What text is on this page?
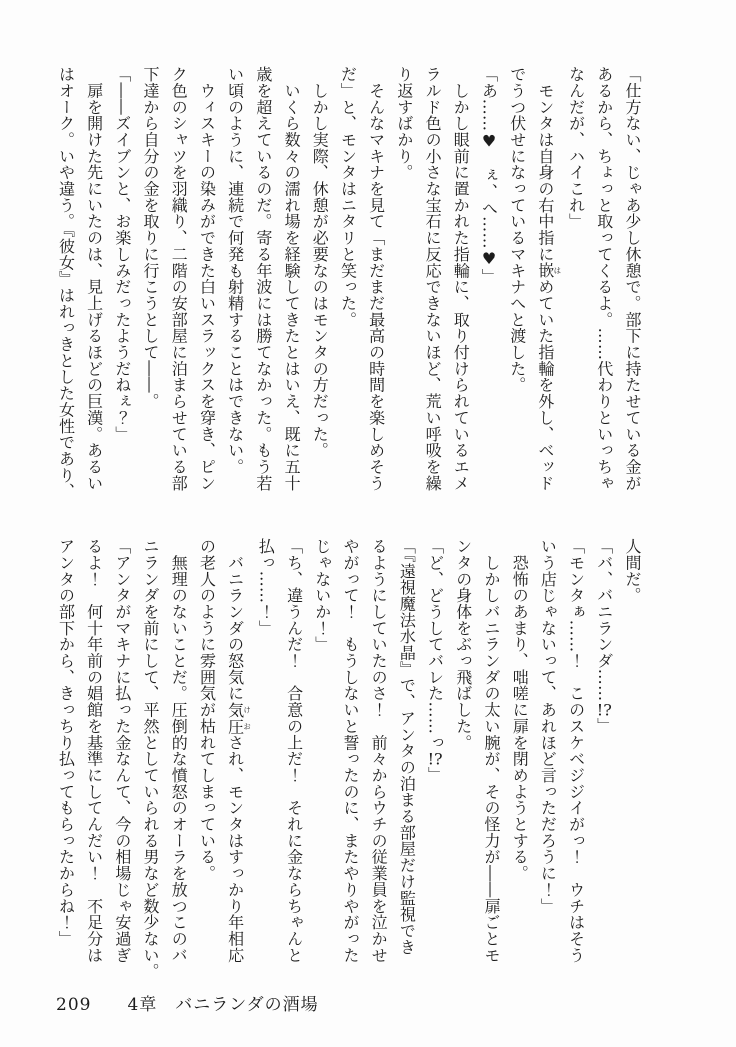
「仕方ない、じゃあ少し休憩で。部下に持たせている金が
あるから、ちょっと取ってくるよ。……代わりといっちゃ
なんだが、ハイこれ」
　モンタは自身の右中指に嵌はめていた指輪を外し、ベッド
でうつ伏せになっているマキナへと渡した。
「あ……♥　ぇ、へ……♥」
　しかし眼前に置かれた指輪に、取り付けられているエメ
ラルド色の小さな宝石に反応できないほど、荒い呼吸を繰
り返すばかり。
　そんなマキナを見て「まだまだ最高の時間を楽しめそう
だ」と、モンタはニタリと笑った。
　しかし実際、休憩が必要なのはモンタの方だった。
　いくら数々の濡れ場を経験してきたとはいえ、既に五十
歳を超えているのだ。寄る年波には勝てなかった。もう若
い頃のように、連続で何発も射精することはできない。
　ウィスキーの染みができた白いスラックスを穿き、ピン
ク色のシャツを羽織り、二階の安部屋に泊まらせている部
下達から自分の金を取りに行こうとして――。
「――ズイブンと、お楽しみだったようだねぇ？」
　扉を開けた先にいたのは、見上げるほどの巨漢。あるい
はオーク。いや違う。『彼女』はれっきとした女性であり、
人間だ。
「バ、バニランダ……!?」
「モンタぁ……！　このスケベジジイがっ！　ウチはそう
いう店じゃないって、あれほど言っただろうに！」
　恐怖のあまり、咄嗟に扉を閉めようとする。
　しかしバニランダの太い腕が、その怪力が――扉ごとモ
ンタの身体をぶっ飛ばした。
「ど、どうしてバレた……っ!?」
「『遠視魔法水晶』で、アンタの泊まる部屋だけ監視でき
るようにしていたのさ！　前々からウチの従業員を泣かせ
やがって！　もうしないと誓ったのに、またやりやがった
じゃないか！」
「ち、違うんだ！　合意の上だ！　それに金ならちゃんと
払っ……！」
　バニランダの怒気に気圧けおされ、モンタはすっかり年相応
の老人のように雰囲気が枯れてしまっている。
　無理のないことだ。圧倒的な憤怒のオーラを放つこのバ
ニランダを前にして、平然としていられる男など数少ない。
「アンタがマキナに払った金なんて、今の相場じゃ安過ぎ
るよ！　何十年前の娼館を基準にしてんだい！　不足分は
アンタの部下から、きっちり払ってもらったからね！」
209 4章　バニランダの酒場
